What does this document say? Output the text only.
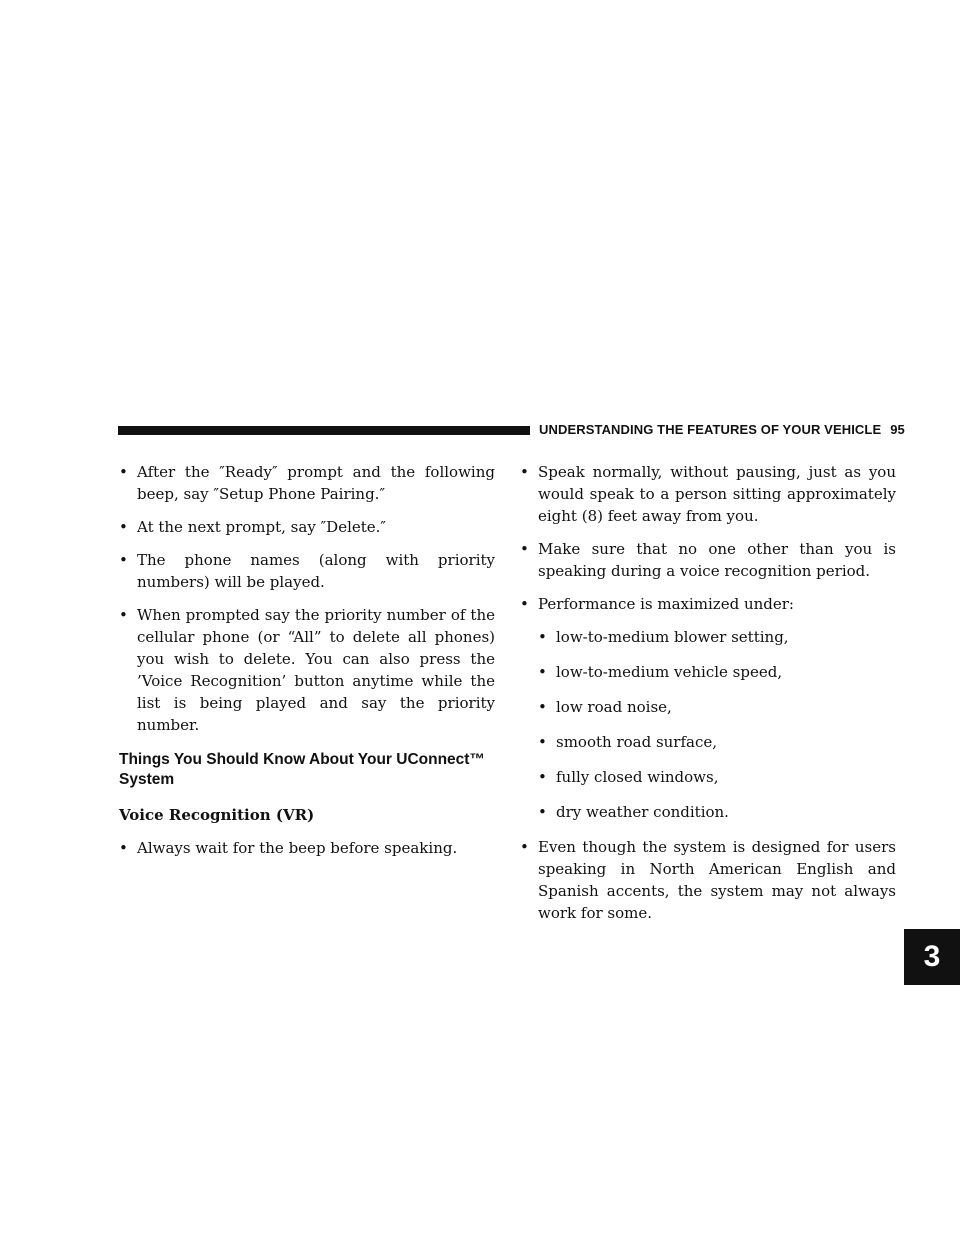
UNDERSTANDING THE FEATURES OF YOUR VEHICLE 95
3
• After the ″Ready″ prompt and the following beep, say ″Setup Phone Pairing.″
• At the next prompt, say ″Delete.″
• The phone names (along with priority numbers) will be played.
• When prompted say the priority number of the cellular phone (or “All” to delete all phones) you wish to delete. You can also press the ’Voice Recognition’ button anytime while the list is being played and say the priority number.
Things You Should Know About Your UConnect™ System
Voice Recognition (VR)
• Always wait for the beep before speaking.
• Speak normally, without pausing, just as you would speak to a person sitting approximately eight (8) feet away from you.
• Make sure that no one other than you is speaking during a voice recognition period.
• Performance is maximized under:
• low-to-medium blower setting,
• low-to-medium vehicle speed,
• low road noise,
• smooth road surface,
• fully closed windows,
• dry weather condition.
• Even though the system is designed for users speaking in North American English and Spanish accents, the system may not always work for some.
